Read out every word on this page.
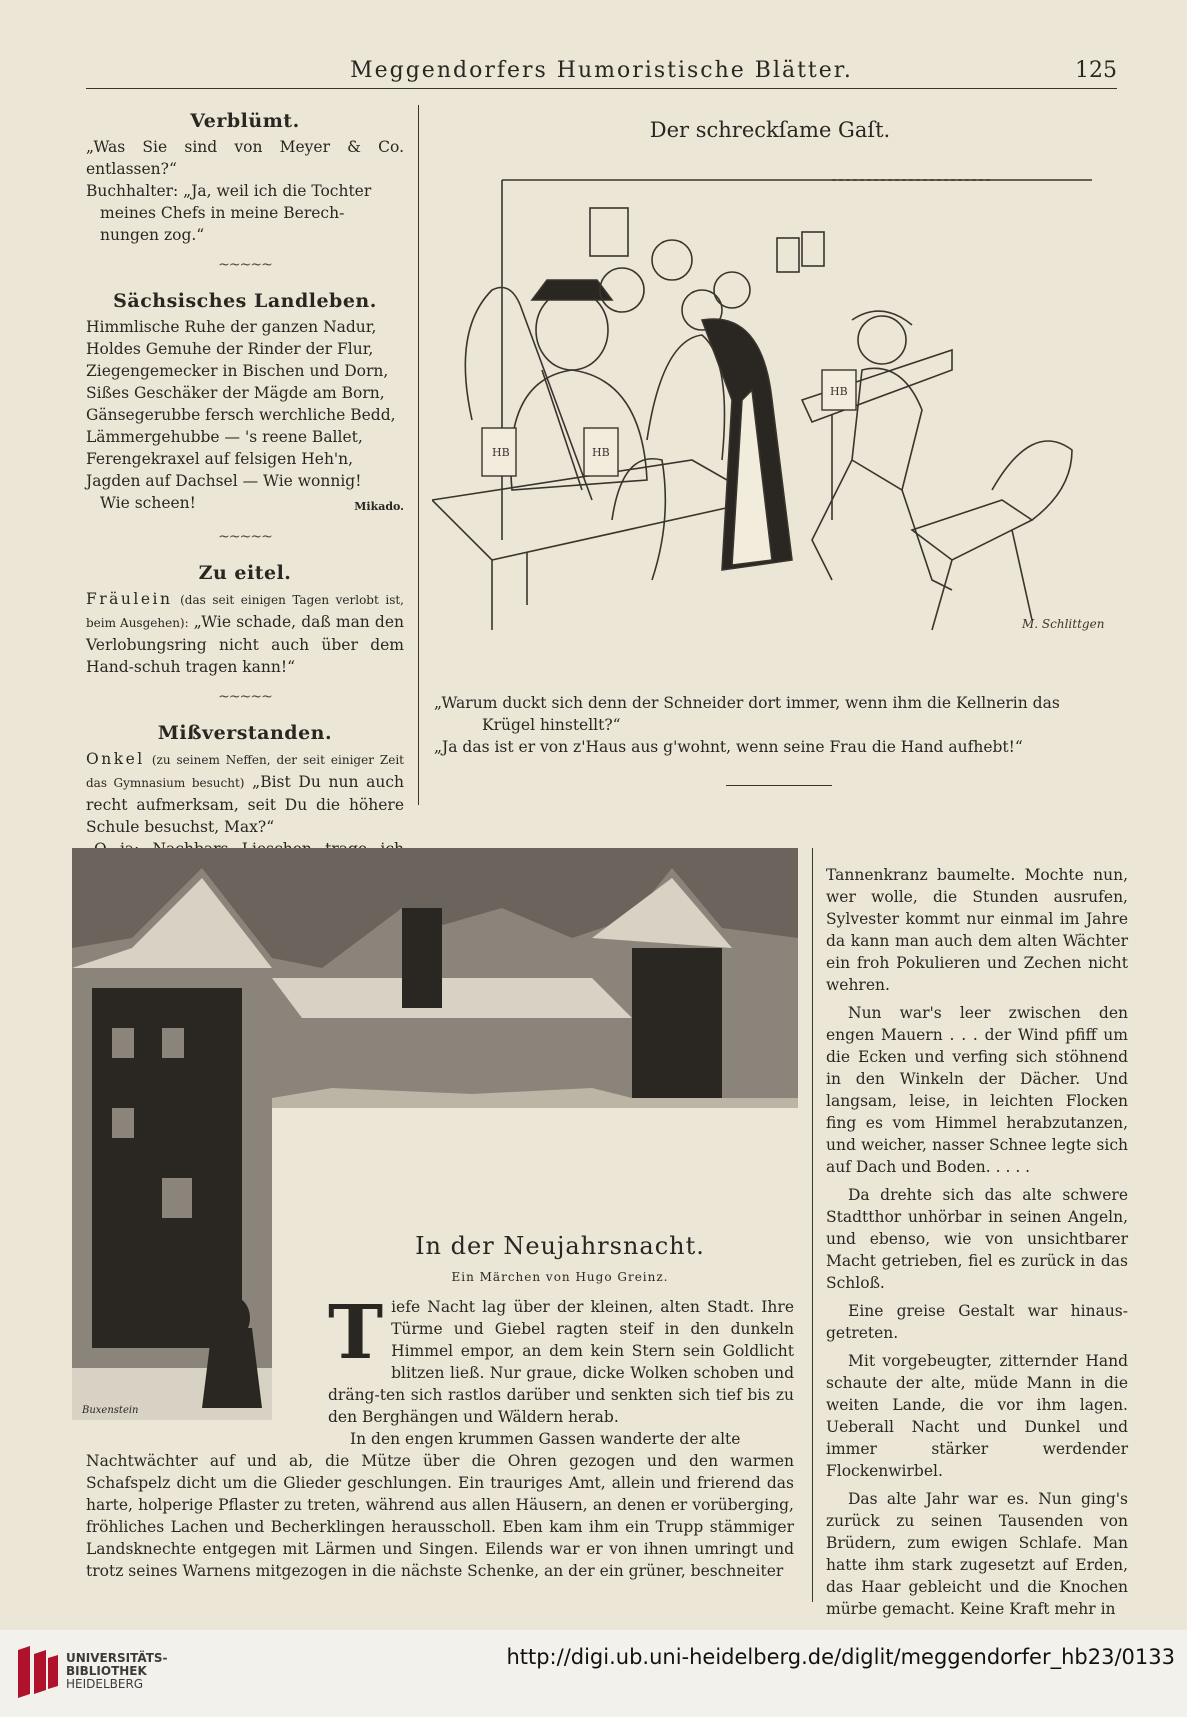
Meggendorfers Humoristische Blätter.	125
Verblümt.

„Was Sie sind von Meyer & Co. entlassen?“

Buchhalter: „Ja, weil ich die Tochter

meines Chefs in meine Berech-

nungen zog.“

~~~~~
Sächsisches Landleben.

Himmlische Ruhe der ganzen Nadur,

Holdes Gemuhe der Rinder der Flur,

Ziegengemecker in Bischen und Dorn,

Sißes Geschäker der Mägde am Born,

Gänsegerubbe fersch werchliche Bedd,

Lämmergehubbe — 's reene Ballet,

Ferengekraxel auf felsigen Heh'n,

Jagden auf Dachsel — Wie wonnig!

Wie scheen!	Mikado.
~~~~~
Zu eitel.

Fräulein (das seit einigen Tagen verlobt ist, beim Ausgehen): „Wie schade, daß man den Verlobungsring nicht auch über dem Hand-schuh tragen kann!“

~~~~~
Mißverstanden.

Onkel (zu seinem Neffen, der seit einiger Zeit das Gymnasium besucht) „Bist Du nun auch recht aufmerksam, seit Du die höhere Schule besuchst, Max?“

Der schreckſame Gaſt.
HB	HB
HB
M. Schlittgen
„Warum duckt sich denn der Schneider dort immer, wenn ihm die Kellnerin das
Krügel hinstellt?“
„Ja das ist er von z'Haus aus g'wohnt, wenn seine Frau die Hand aufhebt!“
Buxenstein
In der Neujahrsnacht.
Ein Märchen von Hugo Greinz.
T iefe Nacht lag über der kleinen, alten Stadt. Ihre Türme und Giebel ragten steif in den dunkeln Himmel empor, an dem kein Stern sein Goldlicht blitzen ließ. Nur graue, dicke Wolken schoben und dräng-ten sich rastlos darüber und senkten sich tief bis zu den Berghängen und Wäldern herab.

In den engen krummen Gassen wanderte der alte

Nachtwächter auf und ab, die Mütze über die Ohren gezogen und den warmen Schafspelz dicht um die Glieder geschlungen. Ein trauriges Amt, allein und frierend das harte, holperige Pflaster zu treten, während aus allen Häusern, an denen er vorüberging, fröhliches Lachen und Becherklingen herausscholl. Eben kam ihm ein Trupp stämmiger Landsknechte entgegen mit Lärmen und Singen. Eilends war er von ihnen umringt und trotz seines Warnens mitgezogen in die nächste Schenke, an der ein grüner, beschneiter

Tannenkranz baumelte. Mochte nun, wer wolle, die Stunden ausrufen, Sylvester kommt nur einmal im Jahre da kann man auch dem alten Wächter ein froh Pokulieren und Zechen nicht wehren.

Nun war's leer zwischen den engen Mauern . . . der Wind pfiff um die Ecken und verfing sich stöhnend in den Winkeln der Dächer. Und langsam, leise, in leichten Flocken fing es vom Himmel herabzutanzen, und weicher, nasser Schnee legte sich auf Dach und Boden. . . . .

Da drehte sich das alte schwere Stadtthor unhörbar in seinen Angeln, und ebenso, wie von unsichtbarer Macht getrieben, fiel es zurück in das Schloß.

Eine greise Gestalt war hinaus-getreten.

Mit vorgebeugter, zitternder Hand schaute der alte, müde Mann in die weiten Lande, die vor ihm lagen. Ueberall Nacht und Dunkel und immer stärker werdender Flockenwirbel.

Das alte Jahr war es. Nun ging's zurück zu seinen Tausenden von Brüdern, zum ewigen Schlafe. Man hatte ihm stark zugesetzt auf Erden, das Haar gebleicht und die Knochen mürbe gemacht. Keine Kraft mehr in

UNIVERSITÄTS-
BIBLIOTHEK
HEIDELBERG
http://digi.ub.uni-heidelberg.de/diglit/meggendorfer_hb23/0133
